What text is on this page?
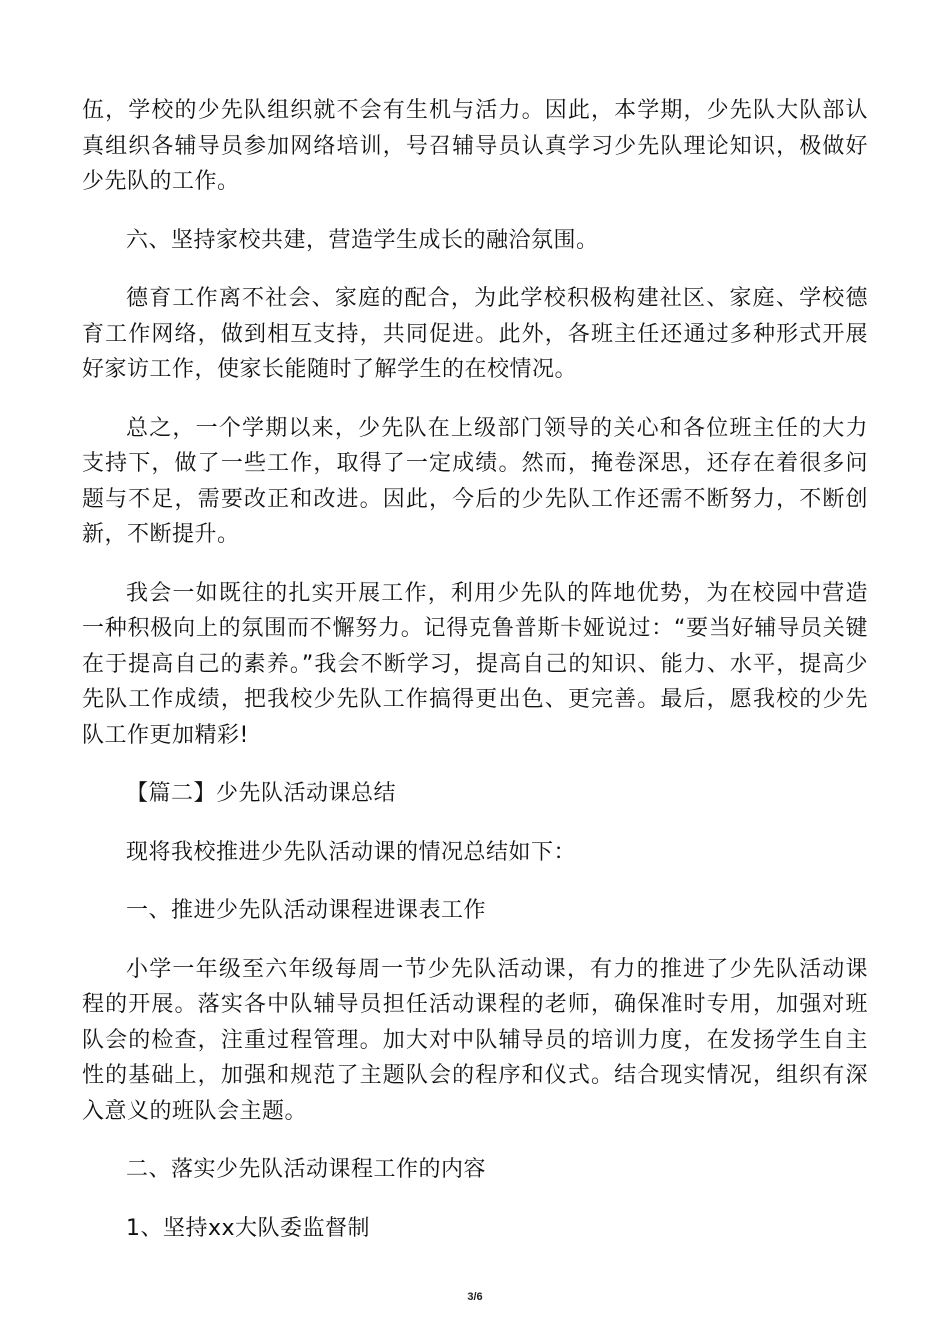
伍，学校的少先队组织就不会有生机与活力。因此，本学期，少先队大队部认真组织各辅导员参加网络培训，号召辅导员认真学习少先队理论知识，极做好少先队的工作。

六、坚持家校共建，营造学生成长的融洽氛围。

德育工作离不社会、家庭的配合，为此学校积极构建社区、家庭、学校德育工作网络，做到相互支持，共同促进。此外，各班主任还通过多种形式开展好家访工作，使家长能随时了解学生的在校情况。

总之，一个学期以来，少先队在上级部门领导的关心和各位班主任的大力支持下，做了一些工作，取得了一定成绩。然而，掩卷深思，还存在着很多问题与不足，需要改正和改进。因此，今后的少先队工作还需不断努力，不断创新，不断提升。

我会一如既往的扎实开展工作，利用少先队的阵地优势，为在校园中营造一种积极向上的氛围而不懈努力。记得克鲁普斯卡娅说过：“要当好辅导员关键在于提高自己的素养。”我会不断学习，提高自己的知识、能力、水平，提高少先队工作成绩，把我校少先队工作搞得更出色、更完善。最后，愿我校的少先队工作更加精彩!

【篇二】少先队活动课总结

现将我校推进少先队活动课的情况总结如下：

一、推进少先队活动课程进课表工作

小学一年级至六年级每周一节少先队活动课，有力的推进了少先队活动课程的开展。落实各中队辅导员担任活动课程的老师，确保准时专用，加强对班队会的检查，注重过程管理。加大对中队辅导员的培训力度，在发扬学生自主性的基础上，加强和规范了主题队会的程序和仪式。结合现实情况，组织有深入意义的班队会主题。

二、落实少先队活动课程工作的内容

1、坚持xx大队委监督制

3/6
